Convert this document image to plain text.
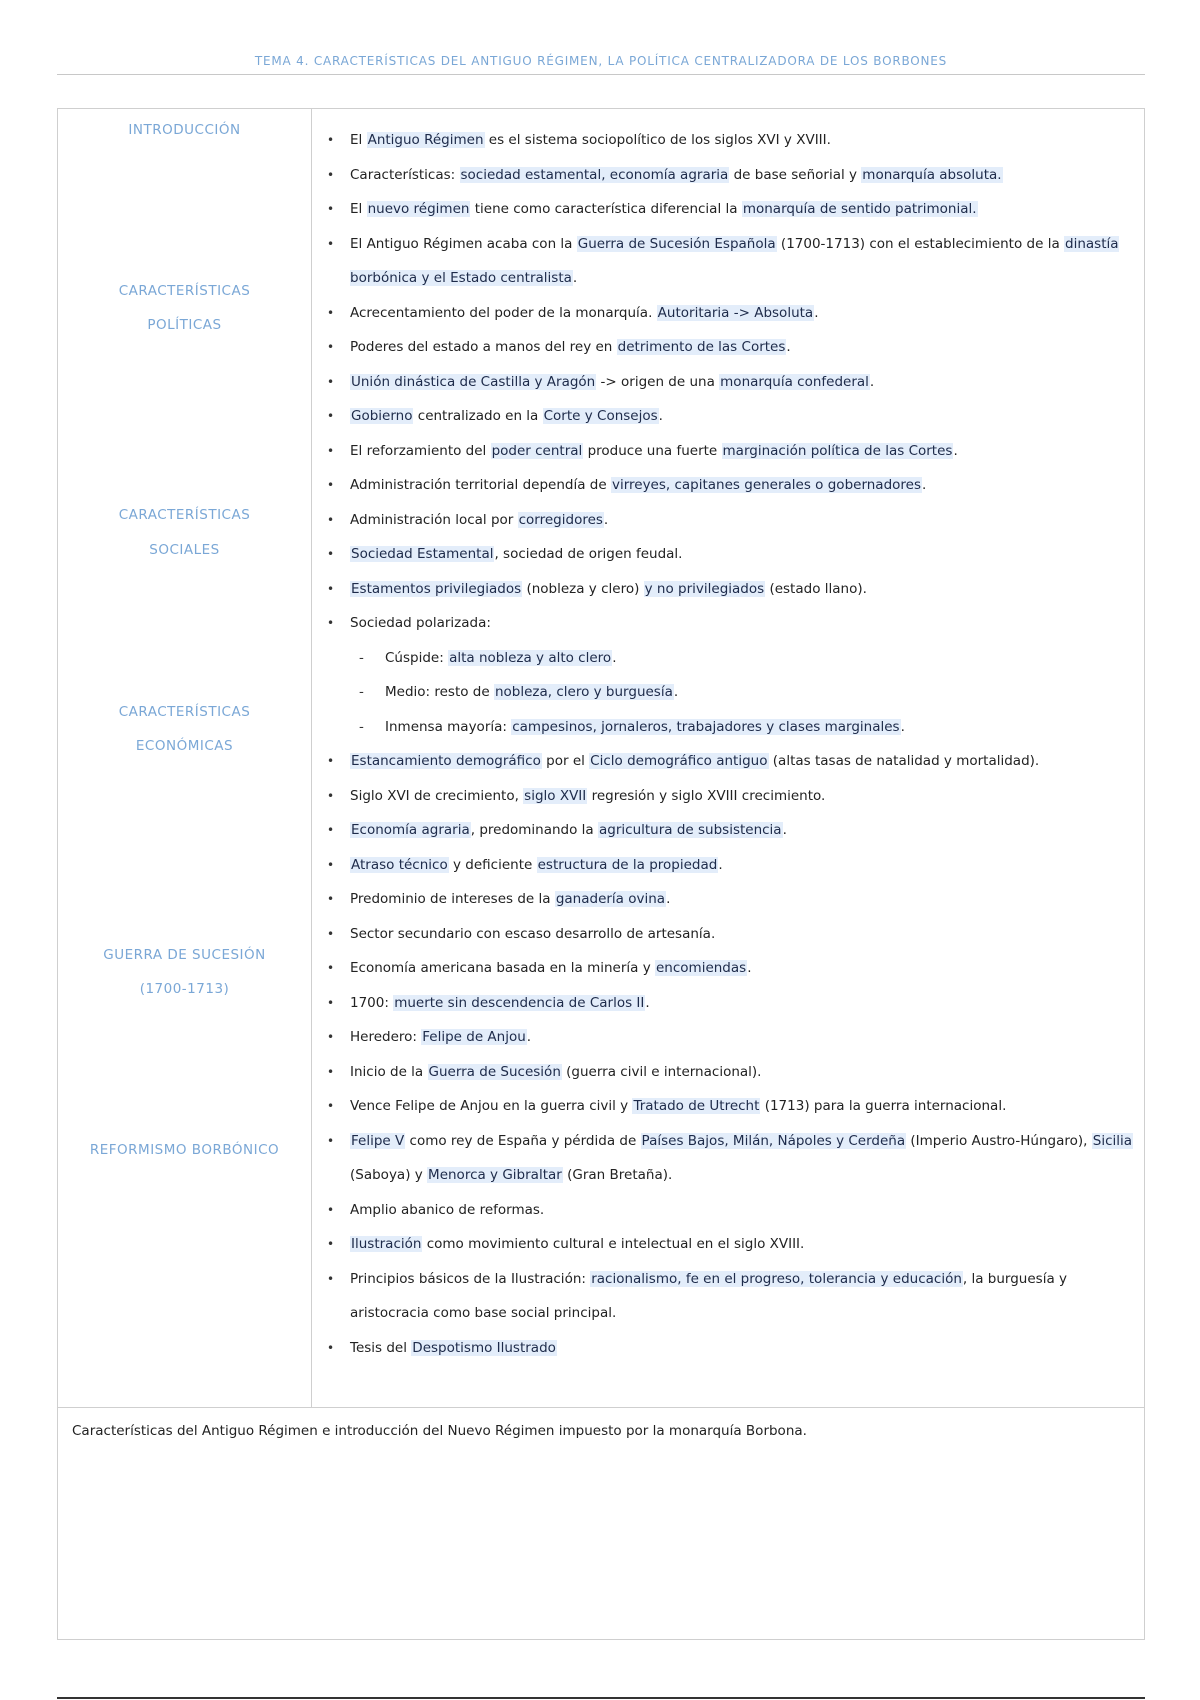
TEMA 4. CARACTERÍSTICAS DEL ANTIGUO RÉGIMEN, LA POLÍTICA CENTRALIZADORA DE LOS BORBONES
INTRODUCCIÓN
CARACTERÍSTICAS
POLÍTICAS
CARACTERÍSTICAS
SOCIALES
CARACTERÍSTICAS
ECONÓMICAS
GUERRA DE SUCESIÓN
(1700-1713)
REFORMISMO BORBÓNICO
• El Antiguo Régimen es el sistema sociopolítico de los siglos XVI y XVIII.
• Características: sociedad estamental, economía agraria de base señorial y monarquía absoluta.
• El nuevo régimen tiene como característica diferencial la monarquía de sentido patrimonial.
• El Antiguo Régimen acaba con la Guerra de Sucesión Española (1700-1713) con el establecimiento de la dinastía borbónica y el Estado centralista.
• Acrecentamiento del poder de la monarquía. Autoritaria -> Absoluta.
• Poderes del estado a manos del rey en detrimento de las Cortes.
• Unión dinástica de Castilla y Aragón -> origen de una monarquía confederal.
• Gobierno centralizado en la Corte y Consejos.
• El reforzamiento del poder central produce una fuerte marginación política de las Cortes.
• Administración territorial dependía de virreyes, capitanes generales o gobernadores.
• Administración local por corregidores.
• Sociedad Estamental, sociedad de origen feudal.
• Estamentos privilegiados (nobleza y clero) y no privilegiados (estado llano).
• Sociedad polarizada:
- Cúspide: alta nobleza y alto clero.
- Medio: resto de nobleza, clero y burguesía.
- Inmensa mayoría: campesinos, jornaleros, trabajadores y clases marginales.
• Estancamiento demográfico por el Ciclo demográfico antiguo (altas tasas de natalidad y mortalidad).
• Siglo XVI de crecimiento, siglo XVII regresión y siglo XVIII crecimiento.
• Economía agraria, predominando la agricultura de subsistencia.
• Atraso técnico y deficiente estructura de la propiedad.
• Predominio de intereses de la ganadería ovina.
• Sector secundario con escaso desarrollo de artesanía.
• Economía americana basada en la minería y encomiendas.
• 1700: muerte sin descendencia de Carlos II.
• Heredero: Felipe de Anjou.
• Inicio de la Guerra de Sucesión (guerra civil e internacional).
• Vence Felipe de Anjou en la guerra civil y Tratado de Utrecht (1713) para la guerra internacional.
• Felipe V como rey de España y pérdida de Países Bajos, Milán, Nápoles y Cerdeña (Imperio Austro-Húngaro), Sicilia (Saboya) y Menorca y Gibraltar (Gran Bretaña).
• Amplio abanico de reformas.
• Ilustración como movimiento cultural e intelectual en el siglo XVIII.
• Principios básicos de la Ilustración: racionalismo, fe en el progreso, tolerancia y educación, la burguesía y aristocracia como base social principal.
• Tesis del Despotismo Ilustrado

Características del Antiguo Régimen e introducción del Nuevo Régimen impuesto por la monarquía Borbona.
